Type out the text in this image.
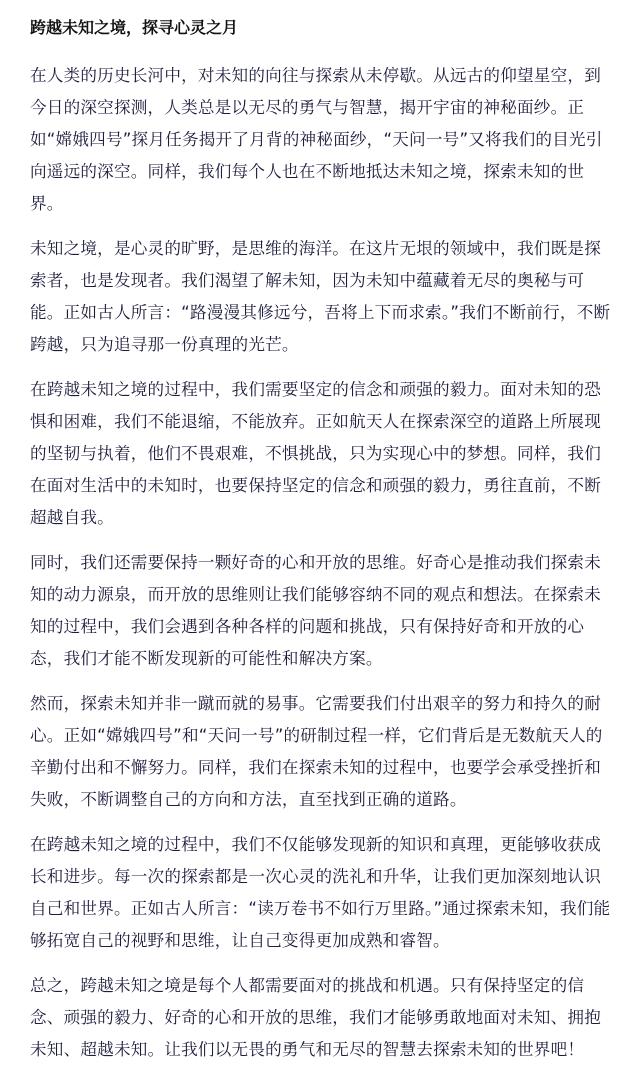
跨越未知之境，探寻心灵之月

在人类的历史长河中，对未知的向往与探索从未停歇。从远古的仰望星空，到今日的深空探测，人类总是以无尽的勇气与智慧，揭开宇宙的神秘面纱。正如“嫦娥四号”探月任务揭开了月背的神秘面纱，“天问一号”又将我们的目光引向遥远的深空。同样，我们每个人也在不断地抵达未知之境，探索未知的世界。

未知之境，是心灵的旷野，是思维的海洋。在这片无垠的领域中，我们既是探索者，也是发现者。我们渴望了解未知，因为未知中蕴藏着无尽的奥秘与可能。正如古人所言：“路漫漫其修远兮，吾将上下而求索。”我们不断前行，不断跨越，只为追寻那一份真理的光芒。

在跨越未知之境的过程中，我们需要坚定的信念和顽强的毅力。面对未知的恐惧和困难，我们不能退缩，不能放弃。正如航天人在探索深空的道路上所展现的坚韧与执着，他们不畏艰难，不惧挑战，只为实现心中的梦想。同样，我们在面对生活中的未知时，也要保持坚定的信念和顽强的毅力，勇往直前，不断超越自我。

同时，我们还需要保持一颗好奇的心和开放的思维。好奇心是推动我们探索未知的动力源泉，而开放的思维则让我们能够容纳不同的观点和想法。在探索未知的过程中，我们会遇到各种各样的问题和挑战，只有保持好奇和开放的心态，我们才能不断发现新的可能性和解决方案。

然而，探索未知并非一蹴而就的易事。它需要我们付出艰辛的努力和持久的耐心。正如“嫦娥四号”和“天问一号”的研制过程一样，它们背后是无数航天人的辛勤付出和不懈努力。同样，我们在探索未知的过程中，也要学会承受挫折和失败，不断调整自己的方向和方法，直至找到正确的道路。

在跨越未知之境的过程中，我们不仅能够发现新的知识和真理，更能够收获成长和进步。每一次的探索都是一次心灵的洗礼和升华，让我们更加深刻地认识自己和世界。正如古人所言：“读万卷书不如行万里路。”通过探索未知，我们能够拓宽自己的视野和思维，让自己变得更加成熟和睿智。

总之，跨越未知之境是每个人都需要面对的挑战和机遇。只有保持坚定的信念、顽强的毅力、好奇的心和开放的思维，我们才能够勇敢地面对未知、拥抱未知、超越未知。让我们以无畏的勇气和无尽的智慧去探索未知的世界吧！
